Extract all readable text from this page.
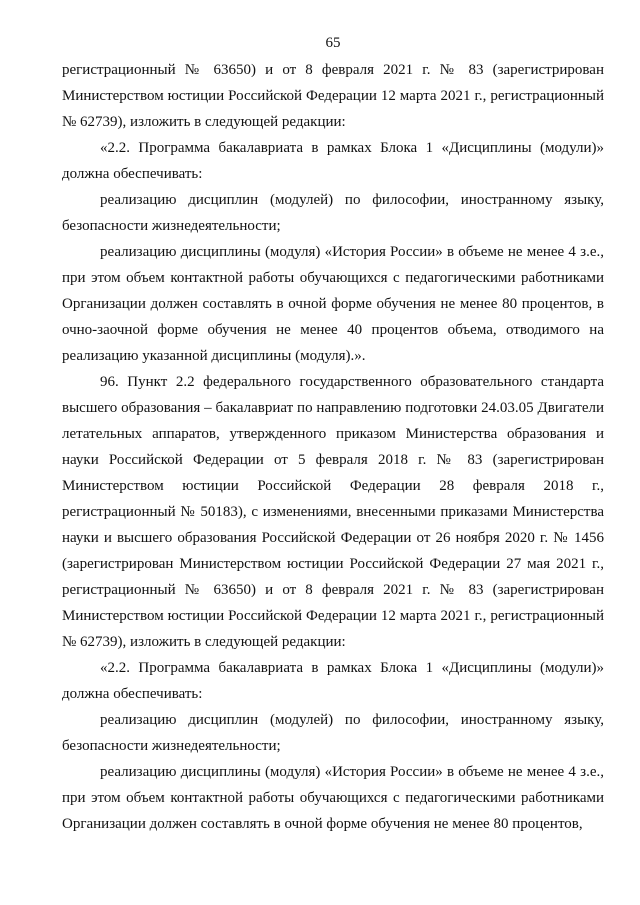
65

регистрационный № 63650) и от 8 февраля 2021 г. № 83 (зарегистрирован Министерством юстиции Российской Федерации 12 марта 2021 г., регистрационный № 62739), изложить в следующей редакции:

«2.2. Программа бакалавриата в рамках Блока 1 «Дисциплины (модули)» должна обеспечивать:

реализацию дисциплин (модулей) по философии, иностранному языку, безопасности жизнедеятельности;

реализацию дисциплины (модуля) «История России» в объеме не менее 4 з.е., при этом объем контактной работы обучающихся с педагогическими работниками Организации должен составлять в очной форме обучения не менее 80 процентов, в очно-заочной форме обучения не менее 40 процентов объема, отводимого на реализацию указанной дисциплины (модуля).».

96. Пункт 2.2 федерального государственного образовательного стандарта высшего образования – бакалавриат по направлению подготовки 24.03.05 Двигатели летательных аппаратов, утвержденного приказом Министерства образования и науки Российской Федерации от 5 февраля 2018 г. № 83 (зарегистрирован Министерством юстиции Российской Федерации 28 февраля 2018 г., регистрационный № 50183), с изменениями, внесенными приказами Министерства науки и высшего образования Российской Федерации от 26 ноября 2020 г. № 1456 (зарегистрирован Министерством юстиции Российской Федерации 27 мая 2021 г., регистрационный № 63650) и от 8 февраля 2021 г. № 83 (зарегистрирован Министерством юстиции Российской Федерации 12 марта 2021 г., регистрационный № 62739), изложить в следующей редакции:

«2.2. Программа бакалавриата в рамках Блока 1 «Дисциплины (модули)» должна обеспечивать:

реализацию дисциплин (модулей) по философии, иностранному языку, безопасности жизнедеятельности;

реализацию дисциплины (модуля) «История России» в объеме не менее 4 з.е., при этом объем контактной работы обучающихся с педагогическими работниками Организации должен составлять в очной форме обучения не менее 80 процентов,
